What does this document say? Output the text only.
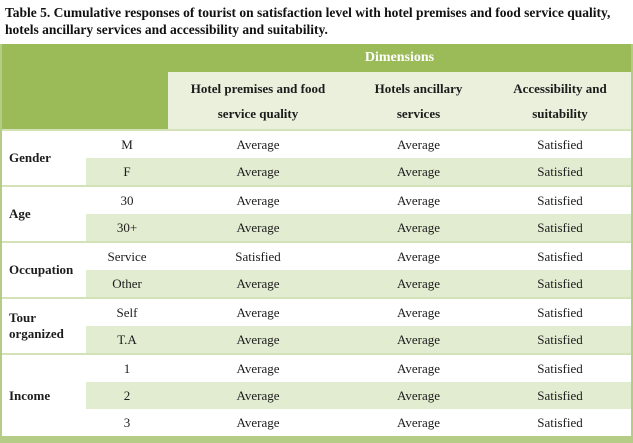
Table 5. Cumulative responses of tourist on satisfaction level with hotel premises and food service quality, hotels ancillary services and accessibility and suitability.
		Dimensions		
		Hotel premises and food service quality	Hotels ancillary services	Accessibility and suitability
Gender	M	Average	Average	Satisfied
	F	Average	Average	Satisfied
Age	30	Average	Average	Satisfied
	30+	Average	Average	Satisfied
Occupation	Service	Satisfied	Average	Satisfied
	Other	Average	Average	Satisfied
Tour organized	Self	Average	Average	Satisfied
	T.A	Average	Average	Satisfied
Income	1	Average	Average	Satisfied
	2	Average	Average	Satisfied
	3	Average	Average	Satisfied
